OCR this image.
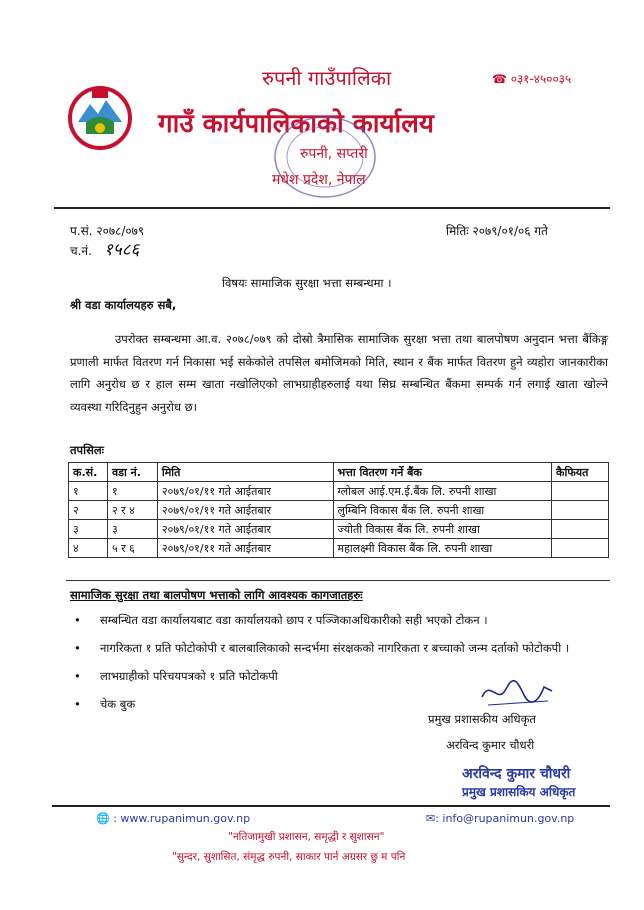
रुपनी गाउँपालिका	☎ ०३१-४५००३५
गाउँ कार्यपालिकाको कार्यालय
रुपनी, सप्तरी
मधेश प्रदेश, नेपाल
प.सं. २०७८/०७९
च.नं. १५८६
मितिः २०७९/०१/०६ गते
विषयः सामाजिक सुरक्षा भत्ता सम्बन्धमा ।
श्री वडा कार्यालयहरु सबै,
उपरोक्त सम्बन्धमा आ.व. २०७८/०७९ को दोस्रो त्रैमासिक सामाजिक सुरक्षा भत्ता तथा बालपोषण अनुदान भत्ता बैंकिङ्ग प्रणाली मार्फत वितरण गर्न निकासा भई सकेकोले तपसिल बमोजिमको मिति, स्थान र बैंक मार्फत वितरण हुने व्यहोरा जानकारीका लागि अनुरोध छ र हाल सम्म खाता नखोलिएको लाभग्राहीहरुलाई यथा सिघ्र सम्बन्धित बैंकमा सम्पर्क गर्न लगाई खाता खोल्ने व्यवस्था गरिदिनुहुन अनुरोध छ।
तपसिलः
क.सं.	वडा नं.	मिति	भत्ता वितरण गर्ने बैंक	कैफियत
१	१	२०७९/०१/११ गते आईतबार	ग्लोबल आई.एम.ई.बैंक लि. रुपनी शाखा	
२	२ र ४	२०७९/०१/११ गते आईतबार	लुम्बिनि विकास बैंक लि. रुपनी शाखा	
३	३	२०७९/०१/११ गते आईतबार	ज्योती विकास बैंक लि. रुपनी शाखा	
४	५ र ६	२०७९/०१/११ गते आईतबार	महालक्ष्मी विकास बैंक लि. रुपनी शाखा	
सामाजिक सुरक्षा तथा बालपोषण भत्ताको लागि आवश्यक कागजातहरुः
• सम्बन्धित वडा कार्यालयबाट वडा कार्यालयको छाप र पञ्जिकाअधिकारीको सही भएको टोकन ।
• नागरिकता १ प्रति फोटोकोपी र बालबालिकाको सन्दर्भमा संरक्षकको नागरिकता र बच्चाको जन्म दर्ताको फोटोकपी ।
• लाभग्राहीको परिचयपत्रको १ प्रति फोटोकपी
• चेक बुक
प्रमुख प्रशासकीय अधिकृत
अरविन्द कुमार चौधरी
अरविन्द कुमार चौधरी
प्रमुख प्रशासकिय अधिकृत
🌐 : www.rupanimun.gov.np	✉: info@rupanimun.gov.np
"नतिजामुखी प्रशासन, समृद्धी र सुशासन"
"सुन्दर, सुशासित, संमृद्ध रुपनी, साकार पार्न अग्रसर छु म पनि
